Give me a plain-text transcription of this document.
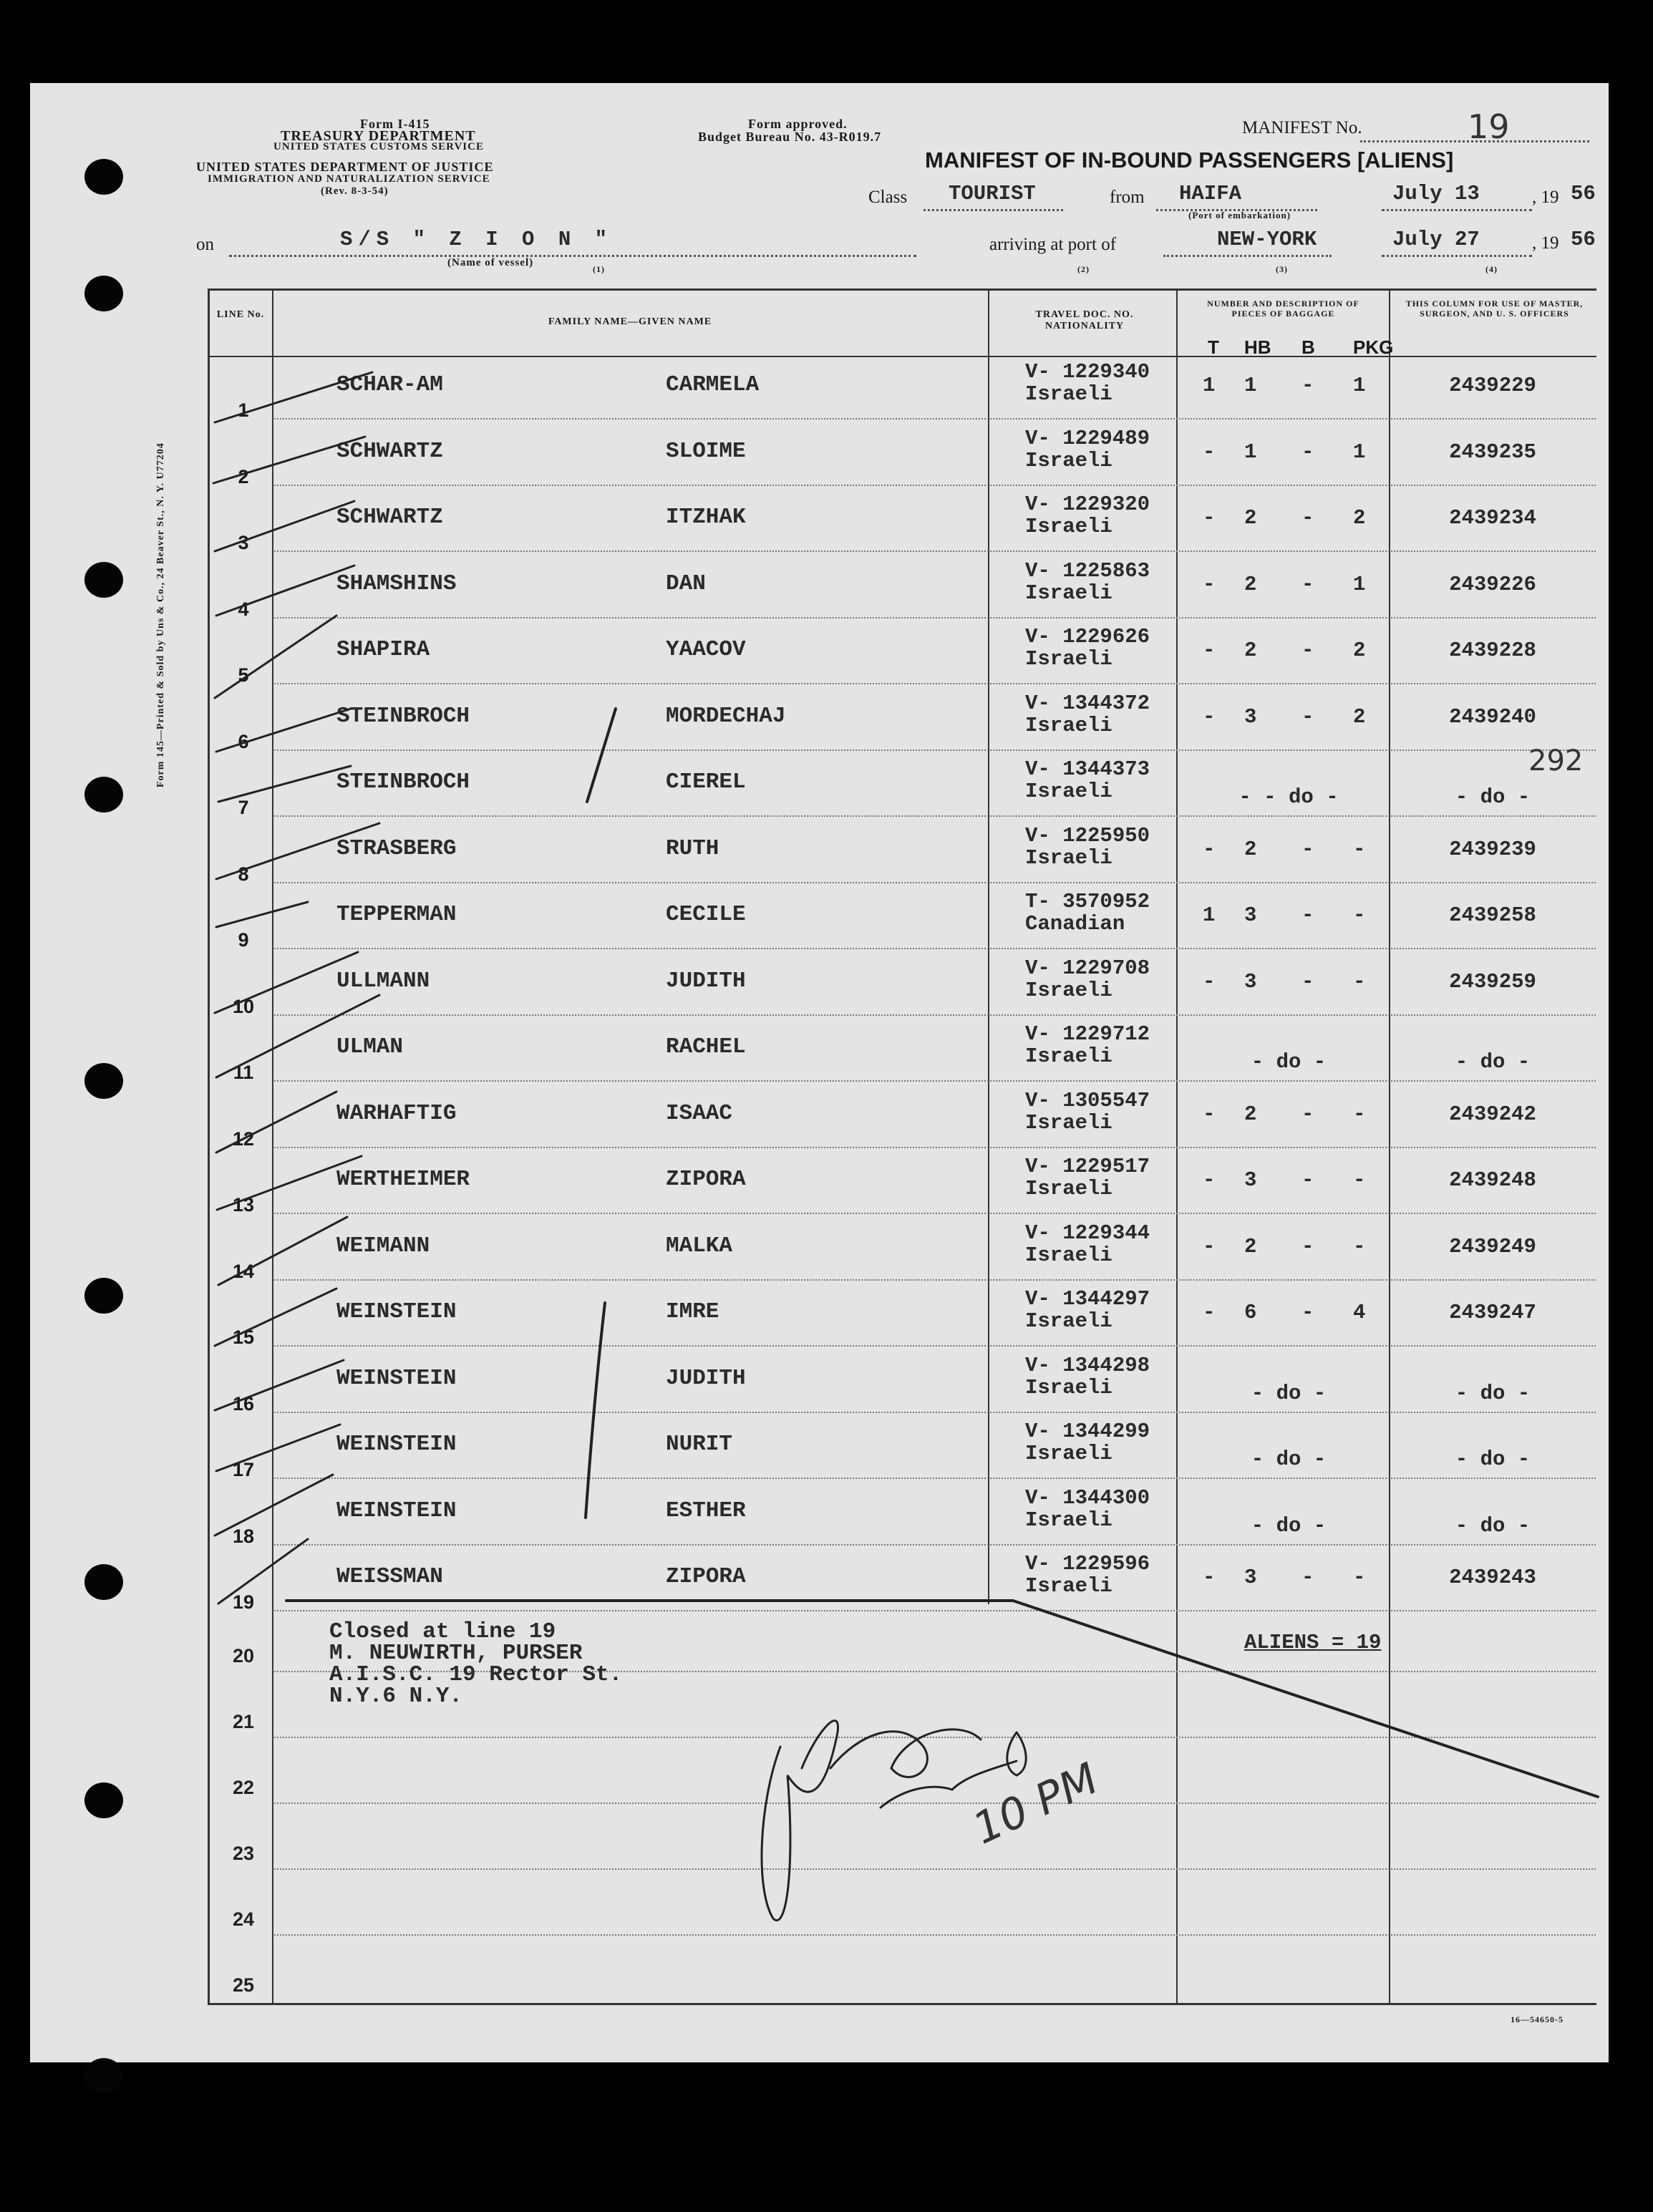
Form 145—Printed & Sold by Uns & Co., 24 Beaver St., N. Y. U77204
Form I-415
TREASURY DEPARTMENT
UNITED STATES CUSTOMS SERVICE
UNITED STATES DEPARTMENT OF JUSTICE
IMMIGRATION AND NATURALIZATION SERVICE
(Rev. 8-3-54)
Form approved.
Budget Bureau No. 43-R019.7	MANIFEST No.	19
MANIFEST OF IN-BOUND PASSENGERS [ALIENS]
Class TOURIST	from HAIFA
(Port of embarkation)
July 13	, 19 56
on	S/S " Z I O N "
(Name of vessel)
(1)
arriving at port of	NEW-YORK	July 27	, 19 56
(2)	(3)	(4)
LINE No.
FAMILY NAME—GIVEN NAME
TRAVEL DOC. NO. NATIONALITY
NUMBER AND DESCRIPTION OF PIECES OF BAGGAGE
THIS COLUMN FOR USE OF MASTER, SURGEON, AND U. S. OFFICERS
T HB B PKG
1
SCHAR-AM	CARMELA
V- 1229340
Israeli	1 1 - 1	2439229
2
SCHWARTZ	SLOIME
V- 1229489
Israeli	- 1 - 1	2439235
3
SCHWARTZ	ITZHAK
V- 1229320
Israeli	- 2 - 2	2439234
4
SHAMSHINS	DAN
V- 1225863
Israeli	- 2 - 1	2439226
5
SHAPIRA	YAACOV
V- 1229626
Israeli	- 2 - 2	2439228
6
STEINBROCH	MORDECHAJ
V- 1344372
Israeli	- 3 - 2	2439240
7
STEINBROCH	CIEREL
V- 1344373
Israeli	- - do -	- do -
8
STRASBERG	RUTH
V- 1225950
Israeli	- 2 - -	2439239
9
TEPPERMAN	CECILE
T- 3570952
Canadian	1 3 - -	2439258
10
ULLMANN	JUDITH
V- 1229708
Israeli	- 3 - -	2439259
11
ULMAN	RACHEL
V- 1229712
Israeli	- do -	- do -
12
WARHAFTIG	ISAAC
V- 1305547
Israeli	- 2 - -	2439242
13
WERTHEIMER	ZIPORA
V- 1229517
Israeli	- 3 - -	2439248
14
WEIMANN	MALKA
V- 1229344
Israeli	- 2 - -	2439249
15
WEINSTEIN	IMRE
V- 1344297
Israeli	- 6 - 4	2439247
16
WEINSTEIN	JUDITH
V- 1344298
Israeli	- do -	- do -
17
WEINSTEIN	NURIT
V- 1344299
Israeli	- do -	- do -
18
WEINSTEIN	ESTHER
V- 1344300
Israeli	- do -	- do -
19
WEISSMAN	ZIPORA
V- 1229596
Israeli	- 3 - -	2439243
20
21
22
23
24
25
292
Closed at line 19
M. NEUWIRTH, PURSER
A.I.S.C. 19 Rector St.
N.Y.6 N.Y.
ALIENS = 19
10 PM
16—54650-5
